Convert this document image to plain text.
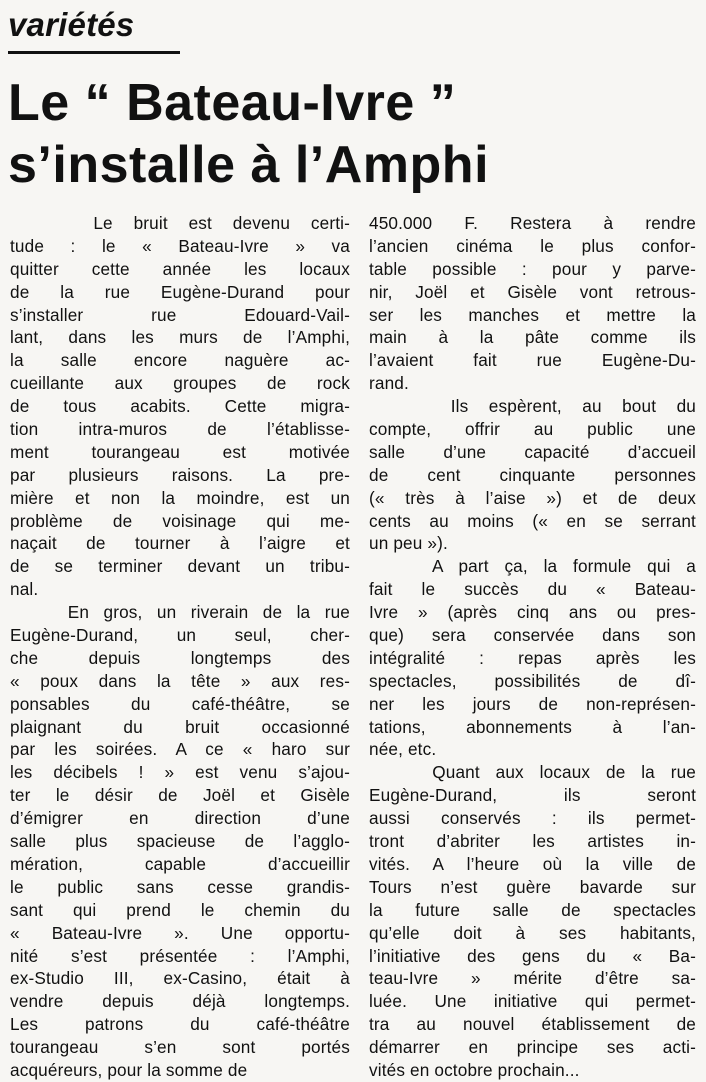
variétés
Le “ Bateau-Ivre ”
s’installe à l’Amphi
Le bruit est devenu certi-
tude : le « Bateau-Ivre » va
quitter cette année les locaux
de la rue Eugène-Durand pour
s’installer rue Edouard-Vail-
lant, dans les murs de l’Amphi,
la salle encore naguère ac-
cueillante aux groupes de rock
de tous acabits. Cette migra-
tion intra-muros de l’établisse-
ment tourangeau est motivée
par plusieurs raisons. La pre-
mière et non la moindre, est un
problème de voisinage qui me-
naçait de tourner à l’aigre et
de se terminer devant un tribu-
nal.
En gros, un riverain de la rue
Eugène-Durand, un seul, cher-
che depuis longtemps des
« poux dans la tête » aux res-
ponsables du café-théâtre, se
plaignant du bruit occasionné
par les soirées. A ce « haro sur
les décibels ! » est venu s’ajou-
ter le désir de Joël et Gisèle
d’émigrer en direction d’une
salle plus spacieuse de l’agglo-
mération, capable d’accueillir
le public sans cesse grandis-
sant qui prend le chemin du
« Bateau-Ivre ». Une opportu-
nité s’est présentée : l’Amphi,
ex-Studio III, ex-Casino, était à
vendre depuis déjà longtemps.
Les patrons du café-théâtre
tourangeau s’en sont portés
acquéreurs, pour la somme de
450.000 F. Restera à rendre
l’ancien cinéma le plus confor-
table possible : pour y parve-
nir, Joël et Gisèle vont retrous-
ser les manches et mettre la
main à la pâte comme ils
l’avaient fait rue Eugène-Du-
rand.
Ils espèrent, au bout du
compte, offrir au public une
salle d’une capacité d’accueil
de cent cinquante personnes
(« très à l’aise ») et de deux
cents au moins (« en se serrant
un peu »).
A part ça, la formule qui a
fait le succès du « Bateau-
Ivre » (après cinq ans ou pres-
que) sera conservée dans son
intégralité : repas après les
spectacles, possibilités de dî-
ner les jours de non-représen-
tations, abonnements à l’an-
née, etc.
Quant aux locaux de la rue
Eugène-Durand, ils seront
aussi conservés : ils permet-
tront d’abriter les artistes in-
vités. A l’heure où la ville de
Tours n’est guère bavarde sur
la future salle de spectacles
qu’elle doit à ses habitants,
l’initiative des gens du « Ba-
teau-Ivre » mérite d’être sa-
luée. Une initiative qui permet-
tra au nouvel établissement de
démarrer en principe ses acti-
vités en octobre prochain...
